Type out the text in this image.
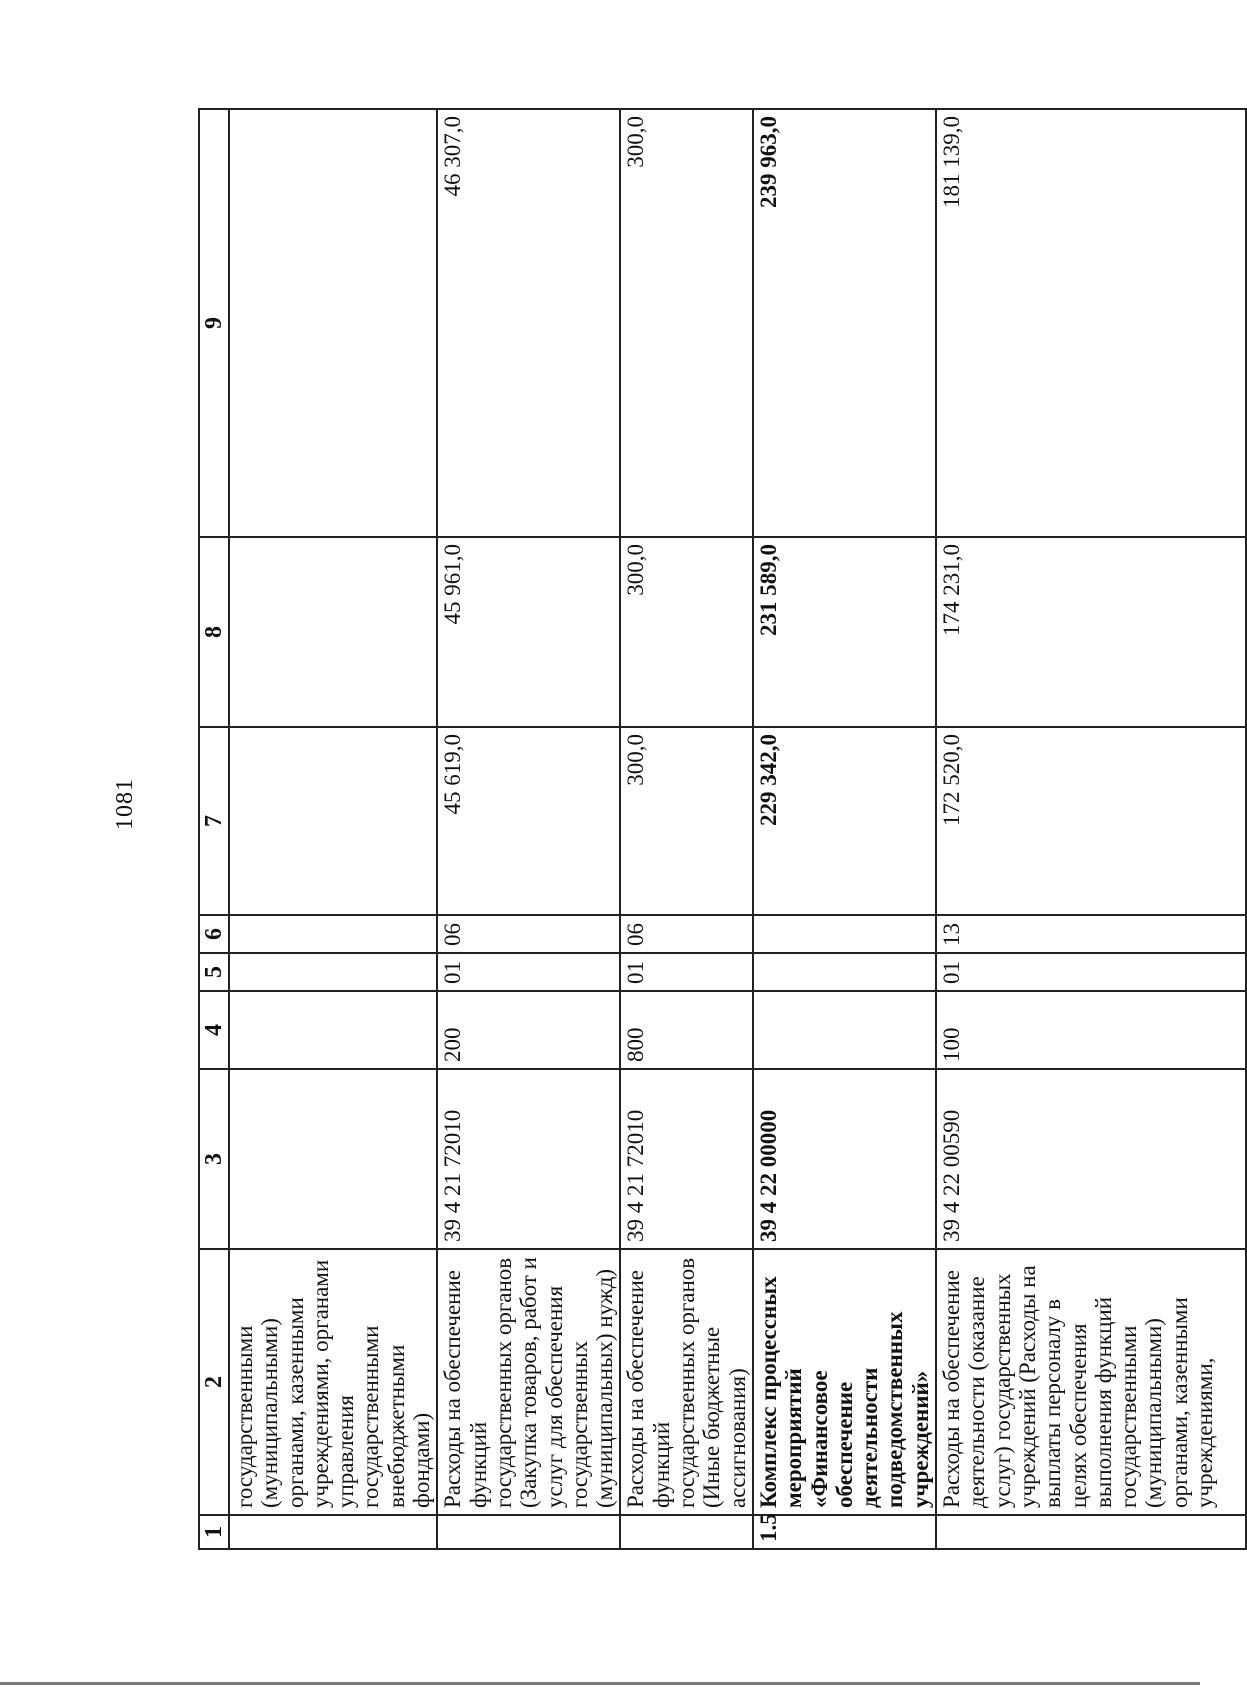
1081
1	2	3	4	5	6	7	8	9
	государственными (муниципальными) органами, казенными учреждениями, органами управления государственными внебюджетными фондами)							
	Расходы на обеспечение функций государственных органов (Закупка товаров, работ и услуг для обеспечения государственных (муниципальных) нужд)	39 4 21 72010	200	01	06	45 619,0	45 961,0	46 307,0
	Расходы на обеспечение функций государственных органов (Иные бюджетные ассигнования)	39 4 21 72010	800	01	06	300,0	300,0	300,0
1.5	Комплекс процессных мероприятий «Финансовое обеспечение деятельности подведомственных учреждений»	39 4 22 00000				229 342,0	231 589,0	239 963,0
	Расходы на обеспечение деятельности (оказание услуг) государственных учреждений (Расходы на выплаты персоналу в целях обеспечения выполнения функций государственными (муниципальными) органами, казенными учреждениями,	39 4 22 00590	100	01	13	172 520,0	174 231,0	181 139,0
